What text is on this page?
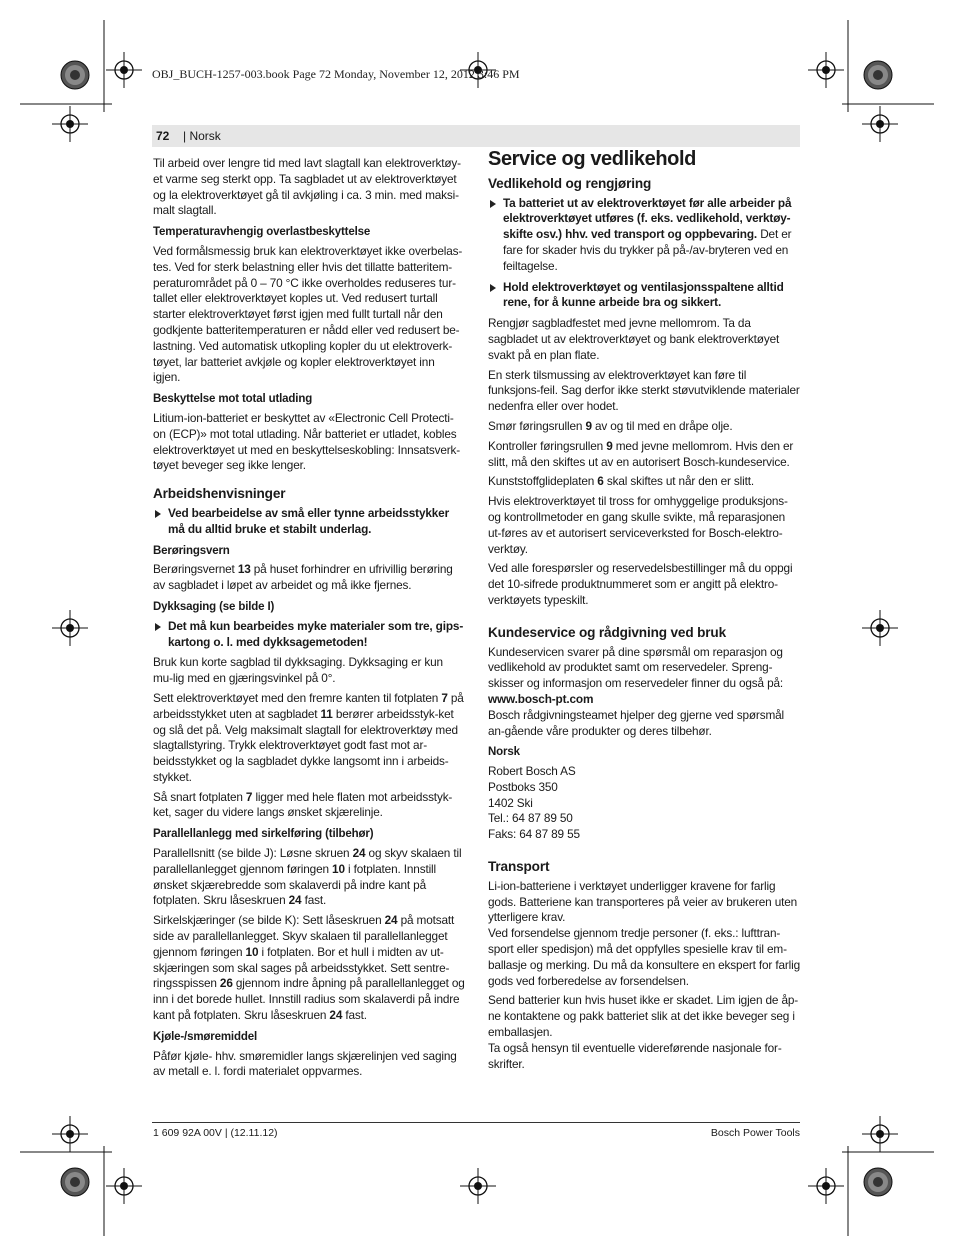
OBJ_BUCH-1257-003.book Page 72 Monday, November 12, 2012 3:46 PM
72 | Norsk

Til arbeid over lengre tid med lavt slagtall kan elektroverktøy-et varme seg sterkt opp. Ta sagbladet ut av elektroverktøyet og la elektroverktøyet gå til avkjøling i ca. 3 min. med maksi-malt slagtall.

Temperaturavhengig overlastbeskyttelse

Ved formålsmessig bruk kan elektroverktøyet ikke overbelas-tes. Ved for sterk belastning eller hvis det tillatte batteritem-peraturområdet på 0 – 70 °C ikke overholdes reduseres tur-tallet eller elektroverktøyet koples ut. Ved redusert turtall starter elektroverktøyet først igjen med fullt turtall når den godkjente batteritemperaturen er nådd eller ved redusert be-lastning. Ved automatisk utkopling kopler du ut elektroverk-tøyet, lar batteriet avkjøle og kopler elektroverktøyet inn igjen.

Beskyttelse mot total utlading

Litium-ion-batteriet er beskyttet av «Electronic Cell Protecti-on (ECP)» mot total utlading. Når batteriet er utladet, kobles elektroverktøyet ut med en beskyttelseskobling: Innsatsverk-tøyet beveger seg ikke lenger.

Arbeidshenvisninger

Ved bearbeidelse av små eller tynne arbeidsstykker må du alltid bruke et stabilt underlag.

Berøringsvern

Berøringsvernet 13 på huset forhindrer en ufrivillig berøring av sagbladet i løpet av arbeidet og må ikke fjernes.

Dykksaging (se bilde I)

Det må kun bearbeides myke materialer som tre, gips-kartong o. l. med dykksagemetoden!

Bruk kun korte sagblad til dykksaging. Dykksaging er kun mu-lig med en gjæringsvinkel på 0°.

Sett elektroverktøyet med den fremre kanten til fotplaten 7 på arbeidsstykket uten at sagbladet 11 berører arbeidsstyk-ket og slå det på. Velg maksimalt slagtall for elektroverktøy med slagtallstyring. Trykk elektroverktøyet godt fast mot ar-beidsstykket og la sagbladet dykke langsomt inn i arbeids-stykket.

Så snart fotplaten 7 ligger med hele flaten mot arbeidsstyk-ket, sager du videre langs ønsket skjærelinje.

Parallellanlegg med sirkelføring (tilbehør)

Parallellsnitt (se bilde J): Løsne skruen 24 og skyv skalaen til parallellanlegget gjennom føringen 10 i fotplaten. Innstill ønsket skjærebredde som skalaverdi på indre kant på fotplaten. Skru låseskruen 24 fast.

Sirkelskjæringer (se bilde K): Sett låseskruen 24 på motsatt side av parallellanlegget. Skyv skalaen til parallellanlegget gjennom føringen 10 i fotplaten. Bor et hull i midten av ut-skjæringen som skal sages på arbeidsstykket. Sett sentre-ringsspissen 26 gjennom indre åpning på parallellanlegget og inn i det borede hullet. Innstill radius som skalaverdi på indre kant på fotplaten. Skru låseskruen 24 fast.

Kjøle-/smøremiddel

Påfør kjøle- hhv. smøremidler langs skjærelinjen ved saging av metall e. l. fordi materialet oppvarmes.

Service og vedlikehold
Vedlikehold og rengjøring

Ta batteriet ut av elektroverktøyet før alle arbeider på elektroverktøyet utføres (f. eks. vedlikehold, verktøy-skifte osv.) hhv. ved transport og oppbevaring. Det er fare for skader hvis du trykker på på-/av-bryteren ved en feiltagelse.

Hold elektroverktøyet og ventilasjonsspaltene alltid rene, for å kunne arbeide bra og sikkert.

Rengjør sagbladfestet med jevne mellomrom. Ta da sagbladet ut av elektroverktøyet og bank elektroverktøyet svakt på en plan flate.

En sterk tilsmussing av elektroverktøyet kan føre til funksjons-feil. Sag derfor ikke sterkt støvutviklende materialer nedenfra eller over hodet.

Smør føringsrullen 9 av og til med en dråpe olje.

Kontroller føringsrullen 9 med jevne mellomrom. Hvis den er slitt, må den skiftes ut av en autorisert Bosch-kundeservice.

Kunststoffglideplaten 6 skal skiftes ut når den er slitt.

Hvis elektroverktøyet til tross for omhyggelige produksjons-og kontrollmetoder en gang skulle svikte, må reparasjonen ut-føres av et autorisert serviceverksted for Bosch-elektro-verktøy.

Ved alle forespørsler og reservedelsbestillinger må du oppgi det 10-sifrede produktnummeret som er angitt på elektro-verktøyets typeskilt.

Kundeservice og rådgivning ved bruk

Kundeservicen svarer på dine spørsmål om reparasjon og vedlikehold av produktet samt om reservedeler. Spreng-skisser og informasjon om reservedeler finner du også på:

www.bosch-pt.com

Bosch rådgivningsteamet hjelper deg gjerne ved spørsmål an-gående våre produkter og deres tilbehør.

Norsk
Robert Bosch AS
Postboks 350
1402 Ski
Tel.: 64 87 89 50
Faks: 64 87 89 55
Transport

Li-ion-batteriene i verktøyet underligger kravene for farlig gods. Batteriene kan transporteres på veier av brukeren uten ytterligere krav.

Ved forsendelse gjennom tredje personer (f. eks.: lufttran-sport eller spedisjon) må det oppfylles spesielle krav til em-ballasje og merking. Du må da konsultere en ekspert for farlig gods ved forberedelse av forsendelsen.

Send batterier kun hvis huset ikke er skadet. Lim igjen de åp-ne kontaktene og pakk batteriet slik at det ikke beveger seg i emballasjen.

Ta også hensyn til eventuelle videreførende nasjonale for-skrifter.

1 609 92A 00V | (12.11.12)	Bosch Power Tools
